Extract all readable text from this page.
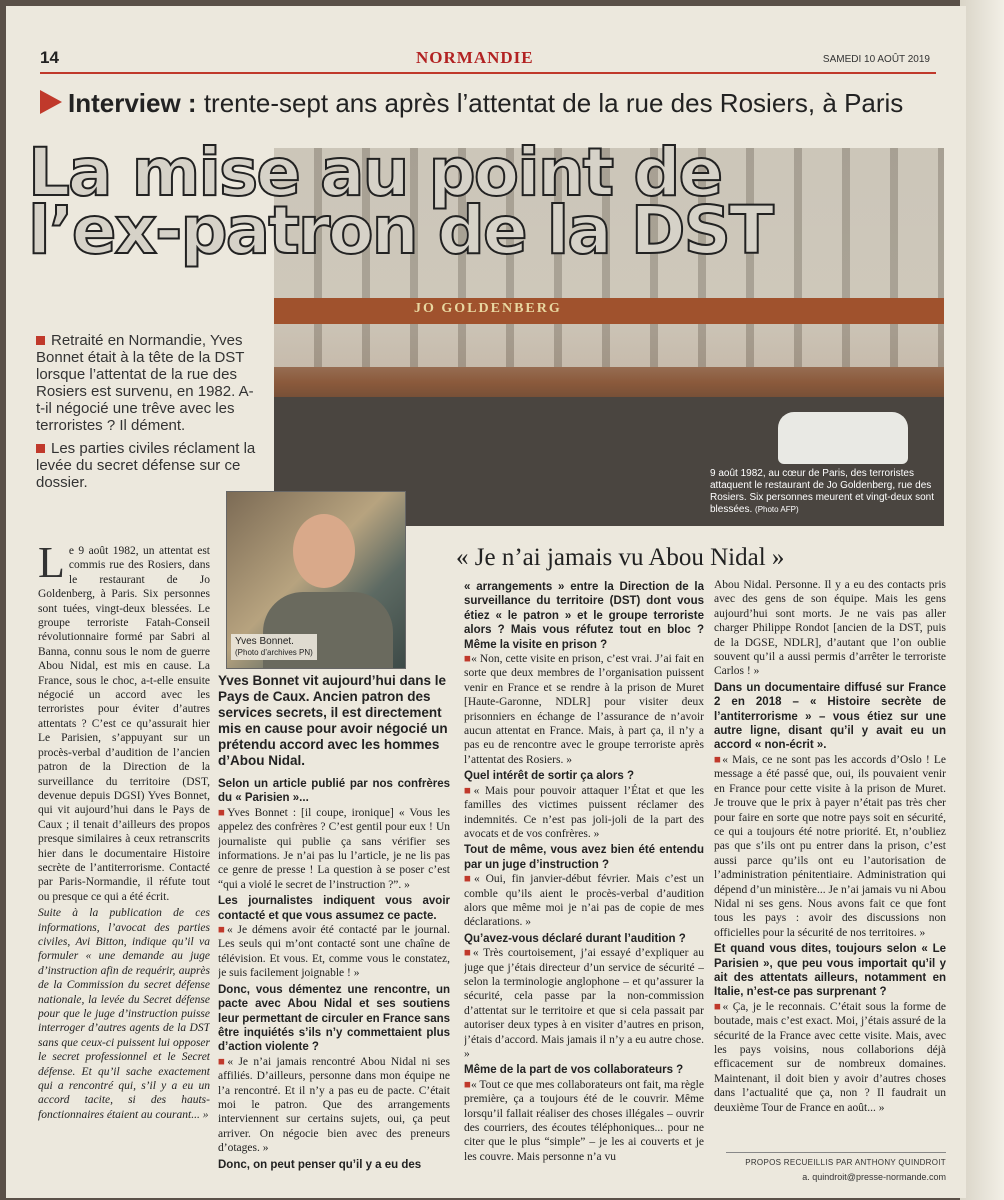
14	NORMANDIE	SAMEDI 10 AOÛT 2019
Interview : trente-sept ans après l’attentat de la rue des Rosiers, à Paris
JO GOLDENBERG
9 août 1982, au cœur de Paris, des terroristes attaquent le restaurant de Jo Goldenberg, rue des Rosiers. Six personnes meurent et vingt-deux sont blessées. (Photo AFP)
La mise au point de
l’ex-patron de la DST

Retraité en Normandie, Yves Bonnet était à la tête de la DST lorsque l’attentat de la rue des Rosiers est survenu, en 1982. A-t-il négocié une trêve avec les terroristes ? Il dément.

Les parties civiles réclament la levée du secret défense sur ce dossier.

Yves Bonnet.
(Photo d’archives PN)
« Je n’ai jamais vu Abou Nidal »
L e 9 août 1982, un attentat est commis rue des Rosiers, dans le restaurant de Jo Goldenberg, à Paris. Six personnes sont tuées, vingt-deux blessées. Le groupe terroriste Fatah-Conseil révolutionnaire formé par Sabri al Banna, connu sous le nom de guerre Abou Nidal, est mis en cause. La France, sous le choc, a-t-elle ensuite négocié un accord avec les terroristes pour éviter d’autres attentats ? C’est ce qu’assurait hier Le Parisien, s’appuyant sur un procès-verbal d’audition de l’ancien patron de la Direction de la surveillance du territoire (DST, devenue depuis DGSI) Yves Bonnet, qui vit aujourd’hui dans le Pays de Caux ; il tenait d’ailleurs des propos presque similaires à ceux retranscrits hier dans le documentaire Histoire secrète de l’antiterrorisme. Contacté par Paris-Normandie, il réfute tout ou presque ce qui a été écrit.

Suite à la publication de ces informations, l’avocat des parties civiles, Avi Bitton, indique qu’il va formuler « une demande au juge d’instruction afin de requérir, auprès de la Commission du secret défense nationale, la levée du Secret défense pour que le juge d’instruction puisse interroger d’autres agents de la DST sans que ceux-ci puissent lui opposer le secret professionnel et le Secret défense. Et qu’il sache exactement qui a rencontré qui, s’il y a eu un accord tacite, si des hauts-fonctionnaires étaient au courant... »

Yves Bonnet vit aujourd’hui dans le Pays de Caux. Ancien patron des services secrets, il est directement mis en cause pour avoir négocié un prétendu accord avec les hommes d’Abou Nidal.

Selon un article publié par nos confrères du « Parisien »...

■Yves Bonnet : [il coupe, ironique] « Vous les appelez des confrères ? C’est gentil pour eux ! Un journaliste qui publie ça sans vérifier ses informations. Je n’ai pas lu l’article, je ne lis pas ce genre de presse ! La question à se poser c’est “qui a violé le secret de l’instruction ?”. »

Les journalistes indiquent vous avoir contacté et que vous assumez ce pacte.

■« Je démens avoir été contacté par le journal. Les seuls qui m’ont contacté sont une chaîne de télévision. Et vous. Et, comme vous le constatez, je suis facilement joignable ! »

Donc, vous démentez une rencontre, un pacte avec Abou Nidal et ses soutiens leur permettant de circuler en France sans être inquiétés s’ils n’y commettaient plus d’action violente ?

■« Je n’ai jamais rencontré Abou Nidal ni ses affiliés. D’ailleurs, personne dans mon équipe ne l’a rencontré. Et il n’y a pas eu de pacte. C’était moi le patron. Que des arrangements interviennent sur certains sujets, oui, ça peut arriver. On négocie bien avec des preneurs d’otages. »

Donc, on peut penser qu’il y a eu des
« arrangements » entre la Direction de la surveillance du territoire (DST) dont vous étiez « le patron » et le groupe terroriste alors ? Mais vous réfutez tout en bloc ? Même la visite en prison ?

■« Non, cette visite en prison, c’est vrai. J’ai fait en sorte que deux membres de l’organisation puissent venir en France et se rendre à la prison de Muret [Haute-Garonne, NDLR] pour visiter deux prisonniers en échange de l’assurance de n’avoir aucun attentat en France. Mais, à part ça, il n’y a pas eu de rencontre avec le groupe terroriste après l’attentat des Rosiers. »

Quel intérêt de sortir ça alors ?

■« Mais pour pouvoir attaquer l’État et que les familles des victimes puissent réclamer des indemnités. Ce n’est pas joli-joli de la part des avocats et de vos confrères. »

Tout de même, vous avez bien été entendu par un juge d’instruction ?

■« Oui, fin janvier-début février. Mais c’est un comble qu’ils aient le procès-verbal d’audition alors que même moi je n’ai pas de copie de mes déclarations. »

Qu’avez-vous déclaré durant l’audition ?

■« Très courtoisement, j’ai essayé d’expliquer au juge que j’étais directeur d’un service de sécurité – selon la terminologie anglophone – et qu’assurer la sécurité, cela passe par la non-commission d’attentat sur le territoire et que si cela passait par autoriser deux types à en visiter d’autres en prison, j’étais d’accord. Mais jamais il n’y a eu autre chose. »

Même de la part de vos collaborateurs ?

■« Tout ce que mes collaborateurs ont fait, ma règle première, ça a toujours été de le couvrir. Même lorsqu’il fallait réaliser des choses illégales – ouvrir des courriers, des écoutes téléphoniques... pour ne citer que le plus “simple” – je les ai couverts et je les couvre. Mais personne n’a vu

Abou Nidal. Personne. Il y a eu des contacts pris avec des gens de son équipe. Mais les gens aujourd’hui sont morts. Je ne vais pas aller charger Philippe Rondot [ancien de la DST, puis de la DGSE, NDLR], d’autant que l’on oublie souvent qu’il a aussi permis d’arrêter le terroriste Carlos ! »

Dans un documentaire diffusé sur France 2 en 2018 – « Histoire secrète de l’antiterrorisme » – vous étiez sur une autre ligne, disant qu’il y avait eu un accord « non-écrit ».

■« Mais, ce ne sont pas les accords d’Oslo ! Le message a été passé que, oui, ils pouvaient venir en France pour cette visite à la prison de Muret. Je trouve que le prix à payer n’était pas très cher pour faire en sorte que notre pays soit en sécurité, ce qui a toujours été notre priorité. Et, n’oubliez pas que s’ils ont pu entrer dans la prison, c’est aussi parce qu’ils ont eu l’autorisation de l’administration pénitentiaire. Administration qui dépend d’un ministère... Je n’ai jamais vu ni Abou Nidal ni ses gens. Nous avons fait ce que font tous les pays : avoir des discussions non officielles pour la sécurité de nos territoires. »

Et quand vous dites, toujours selon « Le Parisien », que peu vous importait qu’il y ait des attentats ailleurs, notamment en Italie, n’est-ce pas surprenant ?

■« Ça, je le reconnais. C’était sous la forme de boutade, mais c’est exact. Moi, j’étais assuré de la sécurité de la France avec cette visite. Mais, avec les pays voisins, nous collaborions déjà efficacement sur de nombreux domaines. Maintenant, il doit bien y avoir d’autres choses dans l’actualité que ça, non ? Il faudrait un deuxième Tour de France en août... »

PROPOS RECUEILLIS PAR ANTHONY QUINDROIT
a. quindroit@presse-normande.com
